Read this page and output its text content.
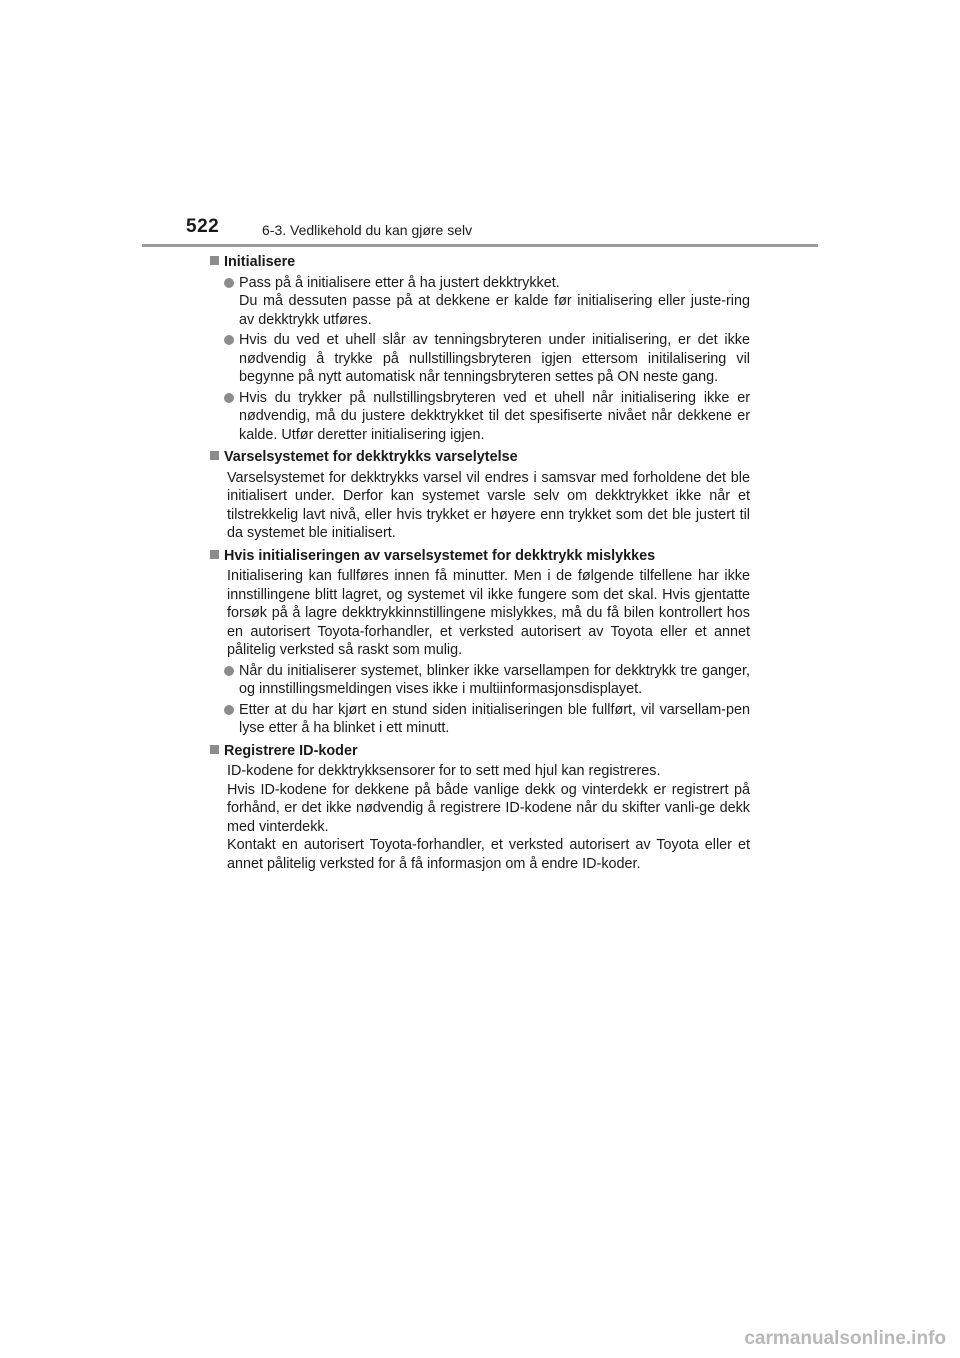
522	6-3. Vedlikehold du kan gjøre selv
Initialisere
Pass på å initialisere etter å ha justert dekktrykket.
Du må dessuten passe på at dekkene er kalde før initialisering eller juste-ring av dekktrykk utføres.
Hvis du ved et uhell slår av tenningsbryteren under initialisering, er det ikke nødvendig å trykke på nullstillingsbryteren igjen ettersom initilalisering vil begynne på nytt automatisk når tenningsbryteren settes på ON neste gang.
Hvis du trykker på nullstillingsbryteren ved et uhell når initialisering ikke er nødvendig, må du justere dekktrykket til det spesifiserte nivået når dekkene er kalde. Utfør deretter initialisering igjen.
Varselsystemet for dekktrykks varselytelse
Varselsystemet for dekktrykks varsel vil endres i samsvar med forholdene det ble initialisert under. Derfor kan systemet varsle selv om dekktrykket ikke når et tilstrekkelig lavt nivå, eller hvis trykket er høyere enn trykket som det ble justert til da systemet ble initialisert.
Hvis initialiseringen av varselsystemet for dekktrykk mislykkes
Initialisering kan fullføres innen få minutter. Men i de følgende tilfellene har ikke innstillingene blitt lagret, og systemet vil ikke fungere som det skal. Hvis gjentatte forsøk på å lagre dekktrykkinnstillingene mislykkes, må du få bilen kontrollert hos en autorisert Toyota-forhandler, et verksted autorisert av Toyota eller et annet pålitelig verksted så raskt som mulig.
Når du initialiserer systemet, blinker ikke varsellampen for dekktrykk tre ganger, og innstillingsmeldingen vises ikke i multiinformasjonsdisplayet.
Etter at du har kjørt en stund siden initialiseringen ble fullført, vil varsellam-pen lyse etter å ha blinket i ett minutt.
Registrere ID-koder
ID-kodene for dekktrykksensorer for to sett med hjul kan registreres.
Hvis ID-kodene for dekkene på både vanlige dekk og vinterdekk er registrert på forhånd, er det ikke nødvendig å registrere ID-kodene når du skifter vanli-ge dekk med vinterdekk.
Kontakt en autorisert Toyota-forhandler, et verksted autorisert av Toyota eller et annet pålitelig verksted for å få informasjon om å endre ID-koder.
carmanualsonline.info
